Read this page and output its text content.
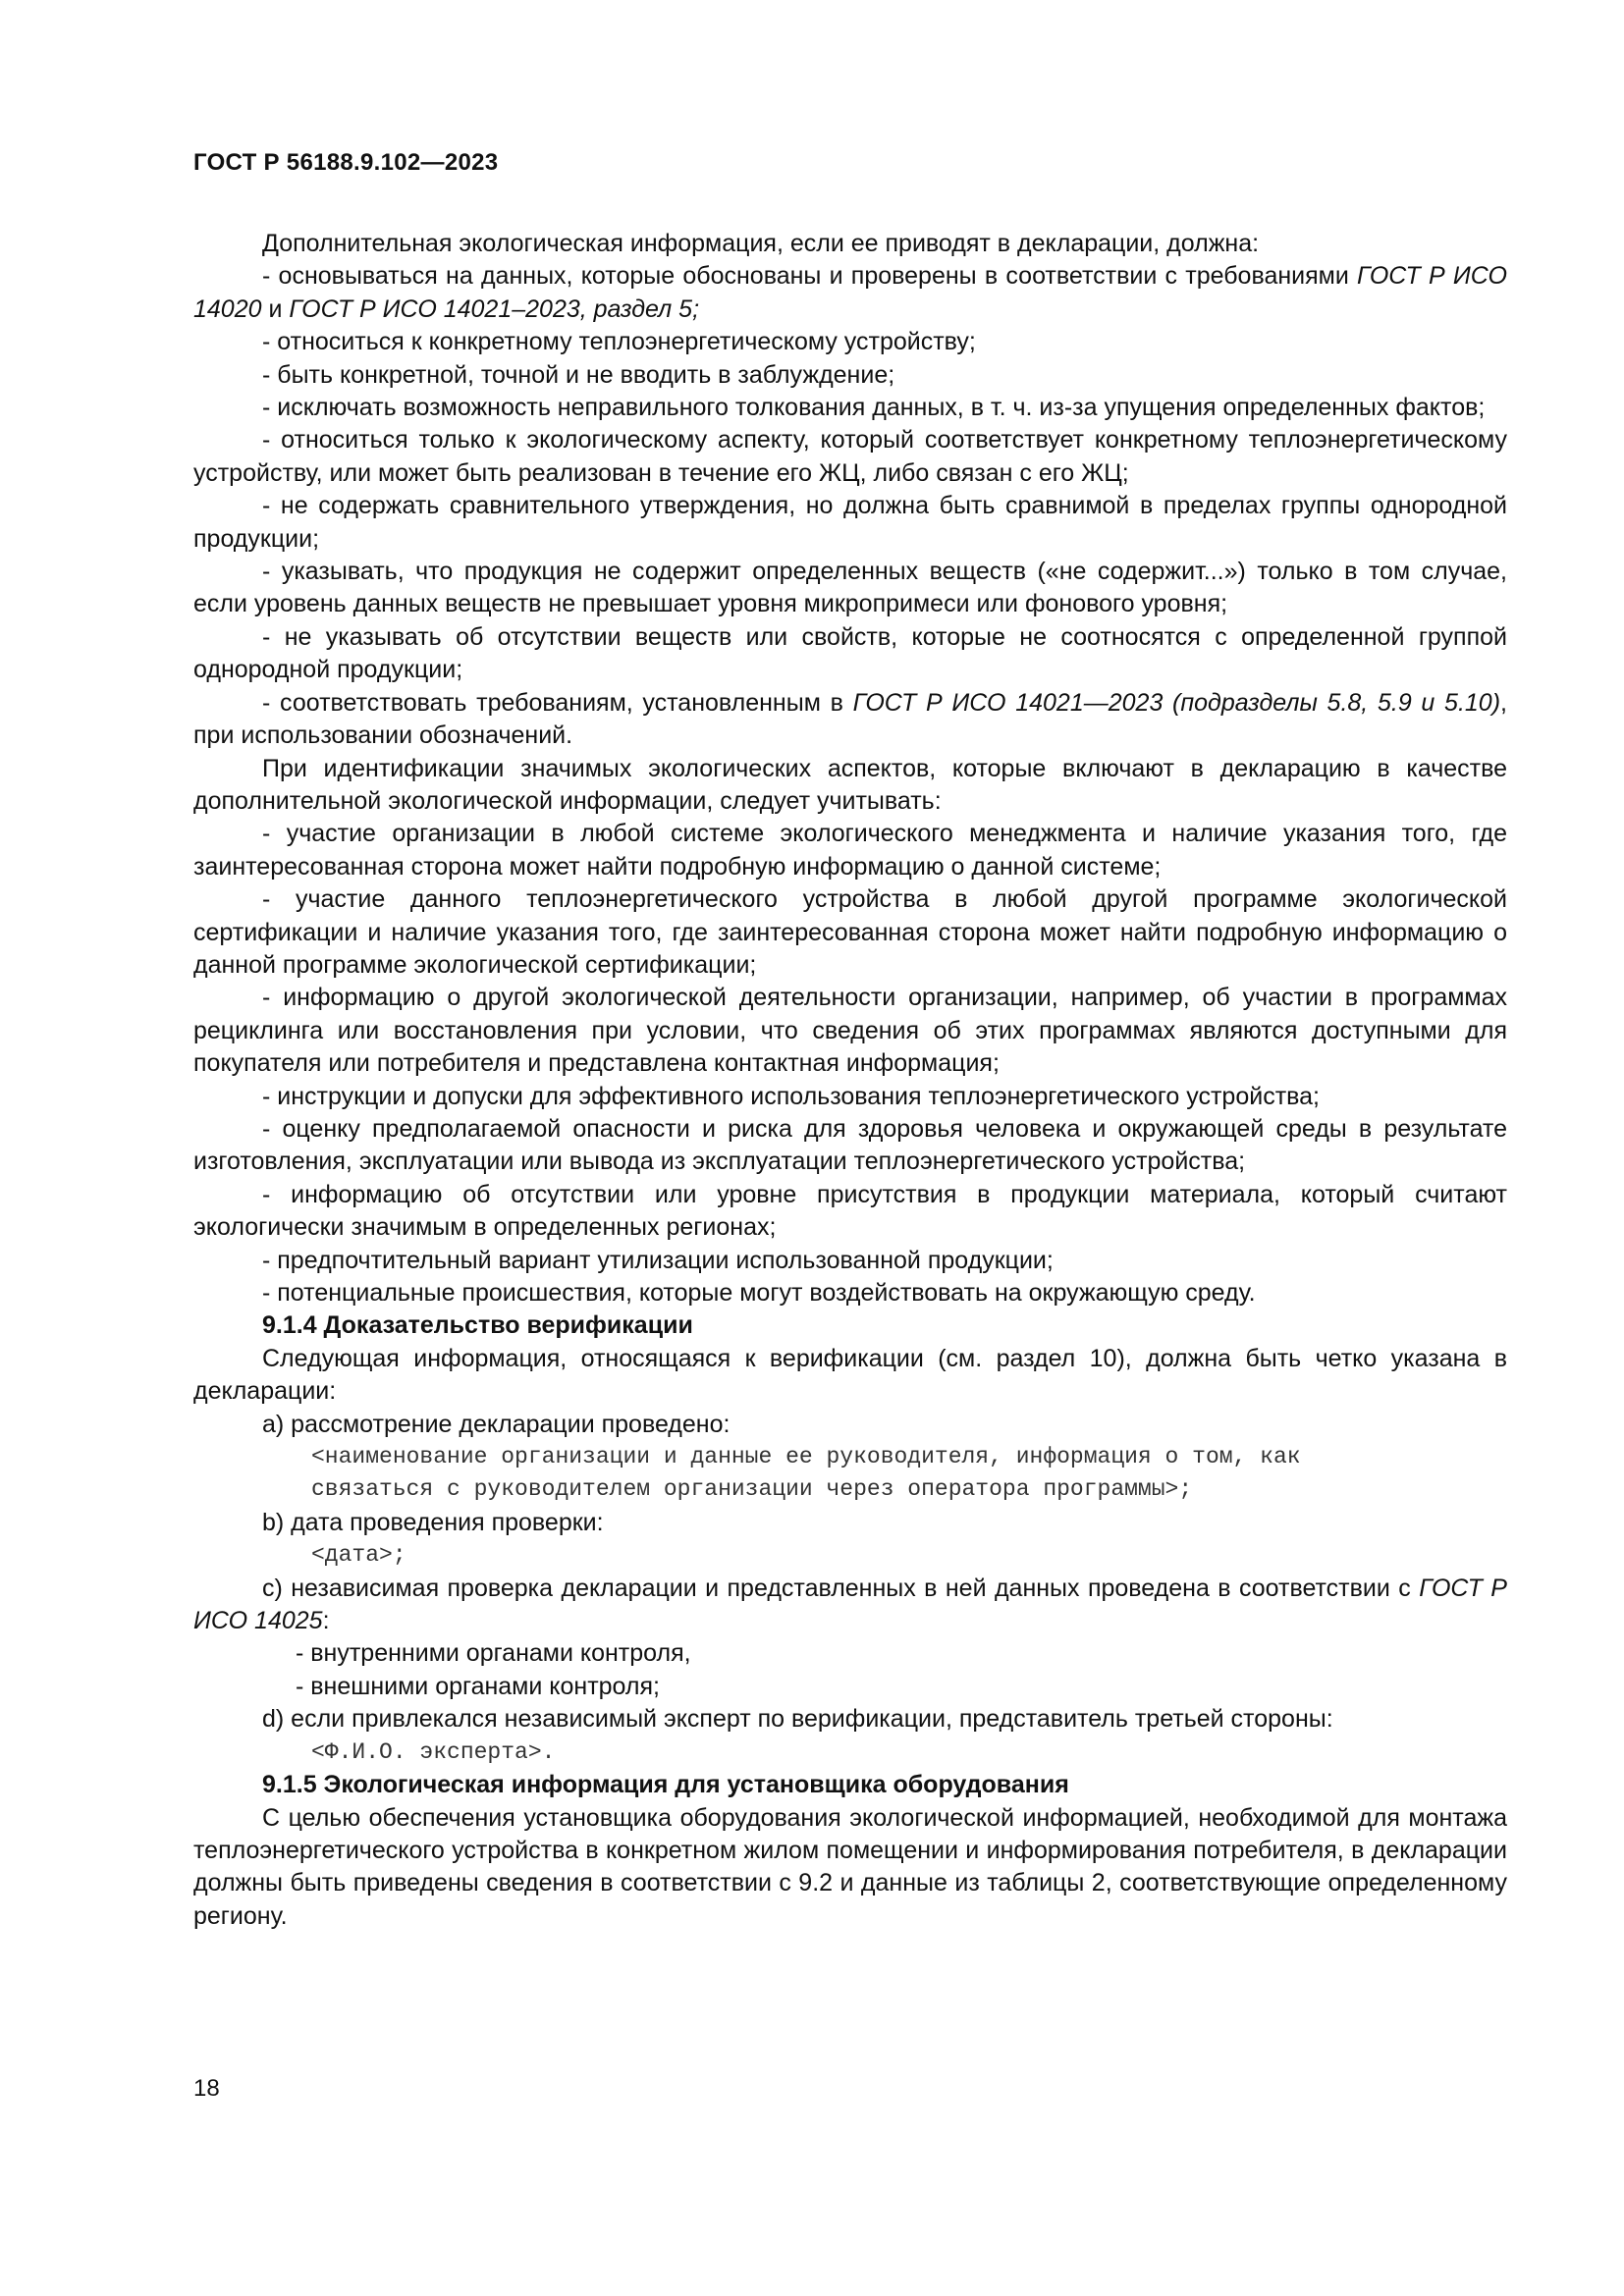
ГОСТ Р 56188.9.102—2023

Дополнительная экологическая информация, если ее приводят в декларации, должна:

- основываться на данных, которые обоснованы и проверены в соответствии с требованиями ГОСТ Р ИСО 14020 и ГОСТ Р ИСО 14021–2023, раздел 5;

- относиться к конкретному теплоэнергетическому устройству;

- быть конкретной, точной и не вводить в заблуждение;

- исключать возможность неправильного толкования данных, в т. ч. из-за упущения определенных фактов;

- относиться только к экологическому аспекту, который соответствует конкретному теплоэнергетическому устройству, или может быть реализован в течение его ЖЦ, либо связан с его ЖЦ;

- не содержать сравнительного утверждения, но должна быть сравнимой в пределах группы однородной продукции;

- указывать, что продукция не содержит определенных веществ («не содержит...») только в том случае, если уровень данных веществ не превышает уровня микропримеси или фонового уровня;

- не указывать об отсутствии веществ или свойств, которые не соотносятся с определенной группой однородной продукции;

- соответствовать требованиям, установленным в ГОСТ Р ИСО 14021—2023 (подразделы 5.8, 5.9 и 5.10), при использовании обозначений.

При идентификации значимых экологических аспектов, которые включают в декларацию в качестве дополнительной экологической информации, следует учитывать:

- участие организации в любой системе экологического менеджмента и наличие указания того, где заинтересованная сторона может найти подробную информацию о данной системе;

- участие данного теплоэнергетического устройства в любой другой программе экологической сертификации и наличие указания того, где заинтересованная сторона может найти подробную информацию о данной программе экологической сертификации;

- информацию о другой экологической деятельности организации, например, об участии в программах рециклинга или восстановления при условии, что сведения об этих программах являются доступными для покупателя или потребителя и представлена контактная информация;

- инструкции и допуски для эффективного использования теплоэнергетического устройства;

- оценку предполагаемой опасности и риска для здоровья человека и окружающей среды в результате изготовления, эксплуатации или вывода из эксплуатации теплоэнергетического устройства;

- информацию об отсутствии или уровне присутствия в продукции материала, который считают экологически значимым в определенных регионах;

- предпочтительный вариант утилизации использованной продукции;

- потенциальные происшествия, которые могут воздействовать на окружающую среду.

9.1.4 Доказательство верификации

Следующая информация, относящаяся к верификации (см. раздел 10), должна быть четко указана в декларации:

а) рассмотрение декларации проведено:

<наименование организации и данные ее руководителя, информация о том, как
связаться с руководителем организации через оператора программы>;

b) дата проведения проверки:

<дата>;

с) независимая проверка декларации и представленных в ней данных проведена в соответствии с ГОСТ Р ИСО 14025:

- внутренними органами контроля,

- внешними органами контроля;

d) если привлекался независимый эксперт по верификации, представитель третьей стороны:

<Ф.И.О. эксперта>.
9.1.5 Экологическая информация для установщика оборудования

С целью обеспечения установщика оборудования экологической информацией, необходимой для монтажа теплоэнергетического устройства в конкретном жилом помещении и информирования потребителя, в декларации должны быть приведены сведения в соответствии с 9.2 и данные из таблицы 2, соответствующие определенному региону.

18
